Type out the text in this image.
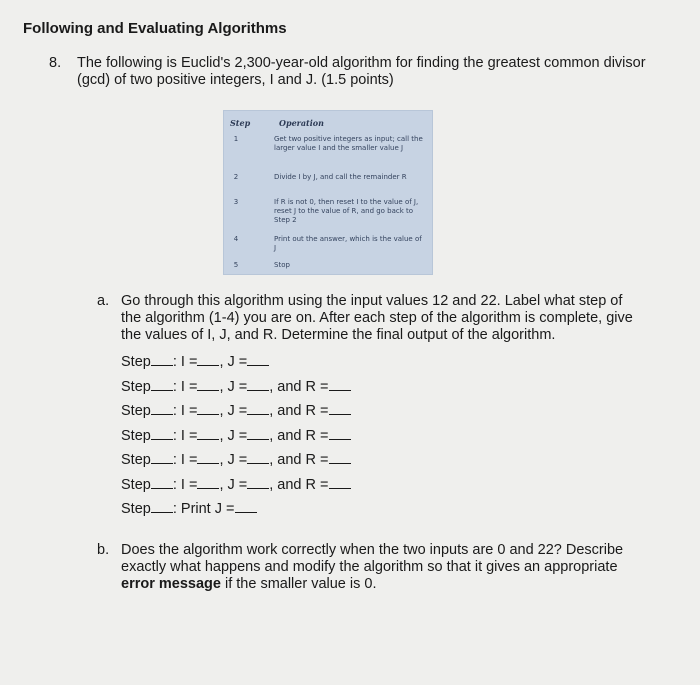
Following and Evaluating Algorithms
8. The following is Euclid's 2,300-year-old algorithm for finding the greatest common divisor (gcd) of two positive integers, I and J. (1.5 points)
Step	Operation
1	Get two positive integers as input; call the larger value I and the smaller value J
2	Divide I by J, and call the remainder R
3	If R is not 0, then reset I to the value of J, reset J to the value of R, and go back to Step 2
4	Print out the answer, which is the value of J
5	Stop
a. Go through this algorithm using the input values 12 and 22. Label what step of the algorithm (1-4) you are on. After each step of the algorithm is complete, give the values of I, J, and R. Determine the final output of the algorithm.
Step : I = , J =
Step : I = , J = , and R =
Step : I = , J = , and R =
Step : I = , J = , and R =
Step : I = , J = , and R =
Step : I = , J = , and R =
Step : Print J =
b. Does the algorithm work correctly when the two inputs are 0 and 22? Describe exactly what happens and modify the algorithm so that it gives an appropriate error message if the smaller value is 0.
